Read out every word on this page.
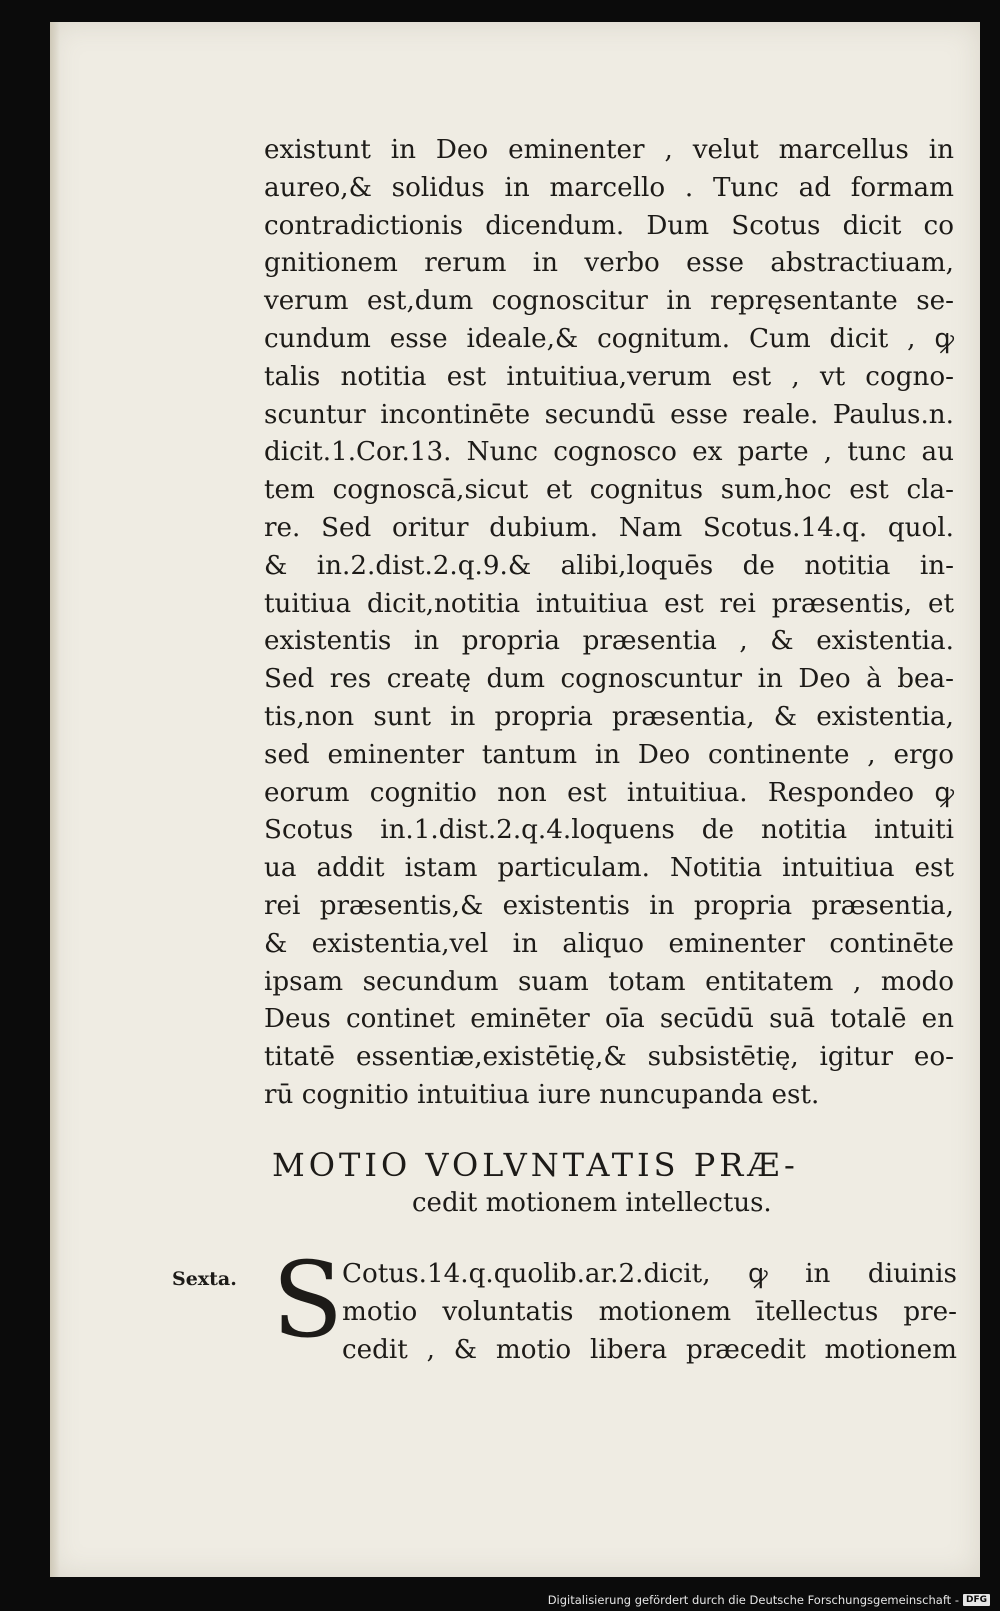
existunt in Deo eminenter , velut marcellus in
aureo,& solidus in marcello . Tunc ad formam
contradictionis dicendum. Dum Scotus dicit co
gnitionem rerum in verbo esse abstractiuam,
verum est,dum cognoscitur in repręsentante se-
cundum esse ideale,& cognitum. Cum dicit , ꝙ
talis notitia est intuitiua,verum est , vt cogno-
scuntur incontinēte secundū esse reale. Paulus.n.
dicit.1.Cor.13. Nunc cognosco ex parte , tunc au
tem cognoscā,sicut et cognitus sum,hoc est cla-
re. Sed oritur dubium. Nam Scotus.14.q. quol.
& in.2.dist.2.q.9.& alibi,loquēs de notitia in-
tuitiua dicit,notitia intuitiua est rei præsentis, et
existentis in propria præsentia , & existentia.
Sed res creatę dum cognoscuntur in Deo à bea-
tis,non sunt in propria præsentia, & existentia,
sed eminenter tantum in Deo continente , ergo
eorum cognitio non est intuitiua. Respondeo ꝙ
Scotus in.1.dist.2.q.4.loquens de notitia intuiti
ua addit istam particulam. Notitia intuitiua est
rei præsentis,& existentis in propria præsentia,
& existentia,vel in aliquo eminenter continēte
ipsam secundum suam totam entitatem , modo
Deus continet eminēter oīa secūdū suā totalē en
titatē essentiæ,existētię,& subsistētię, igitur eo-
rū cognitio intuitiua iure nuncupanda est.
MOTIO VOLVNTATIS PRÆ-
cedit motionem intellectus.
Sexta. S
Cotus.14.q.quolib.ar.2.dicit, ꝙ in diuinis
motio voluntatis motionem ītellectus pre-
cedit , & motio libera præcedit motionem
Digitalisierung gefördert durch die Deutsche Forschungsgemeinschaft - DFG
